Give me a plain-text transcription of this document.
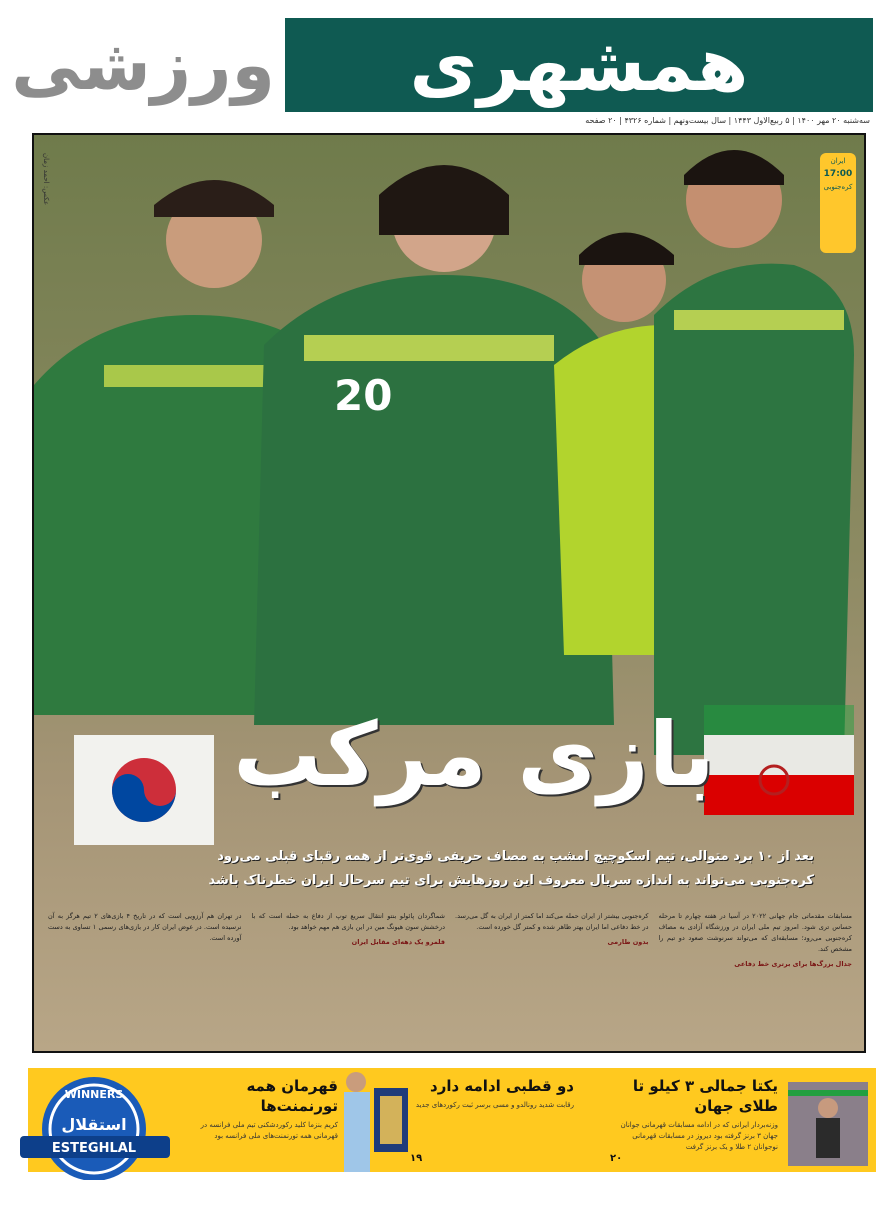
همشهری
ورزشی
سه‌شنبه ۲۰ مهر ۱۴۰۰ | ۵ ربیع‌الاول ۱۴۴۳ | سال بیست‌ونهم | شماره ۴۳۲۶ | ۲۰ صفحه
20
عکس: احمد زمان	ایران
17:00
کره‌جنوبی
بازی مرکب
بعد از ۱۰ برد متوالی، تیم اسکوچیچ امشب به مصاف حریفی قوی‌تر از همه رقبای قبلی می‌رود
کره‌جنوبی می‌تواند به اندازه سریال معروف این روزهایش برای تیم سرحال ایران خطرناک باشد
مسابقات مقدماتی جام جهانی ۲۰۲۲ در آسیا در هفته چهارم تا مرحله حساس تری شود. امروز تیم ملی ایران در ورزشگاه آزادی به مصاف کره‌جنوبی می‌رود؛ مسابقه‌ای که می‌تواند سرنوشت صعود دو تیم را مشخص کند.
جدال بزرگ‌ها برای برتری خط دفاعی
کره‌جنوبی بیشتر از ایران حمله می‌کند اما کمتر از ایران به گل می‌رسد. در خط دفاعی اما ایران بهتر ظاهر شده و کمتر گل خورده است.
بدون طارمی
شماگردان پائولو بنتو انتقال سریع توپ از دفاع به حمله است که با درخشش سون هیونگ مین در این بازی هم مهم خواهد بود.
قلمرو یک دهه‌ای مقابل ایران
در تهران هم آرزویی است که در تاریخ ۴ بازی‌های ۲ تیم هرگز به آن نرسیده است. در عوض ایران کار در بازی‌های رسمی ۱ تساوی به دست آورده است.
یکتا جمالی ۳ کیلو تا طلای جهان
وزنه‌بردار ایرانی که در ادامه مسابقات قهرمانی جوانان جهان ۳ برنز گرفته بود دیروز در مسابقات قهرمانی نوجوانان ۲ طلا و یک برنز گرفت
۲۰
دو قطبی ادامه دارد
رقابت شدید رونالدو و مسی برسر ثبت رکوردهای جدید
۱۹
قهرمان همه تورنمنت‌ها
کریم بنزما کلید رکورد‌شکنی تیم ملی فرانسه در قهرمانی همه تورنمنت‌های ملی فرانسه بود
WINNERS
استقلال
ESTEGHLAL
